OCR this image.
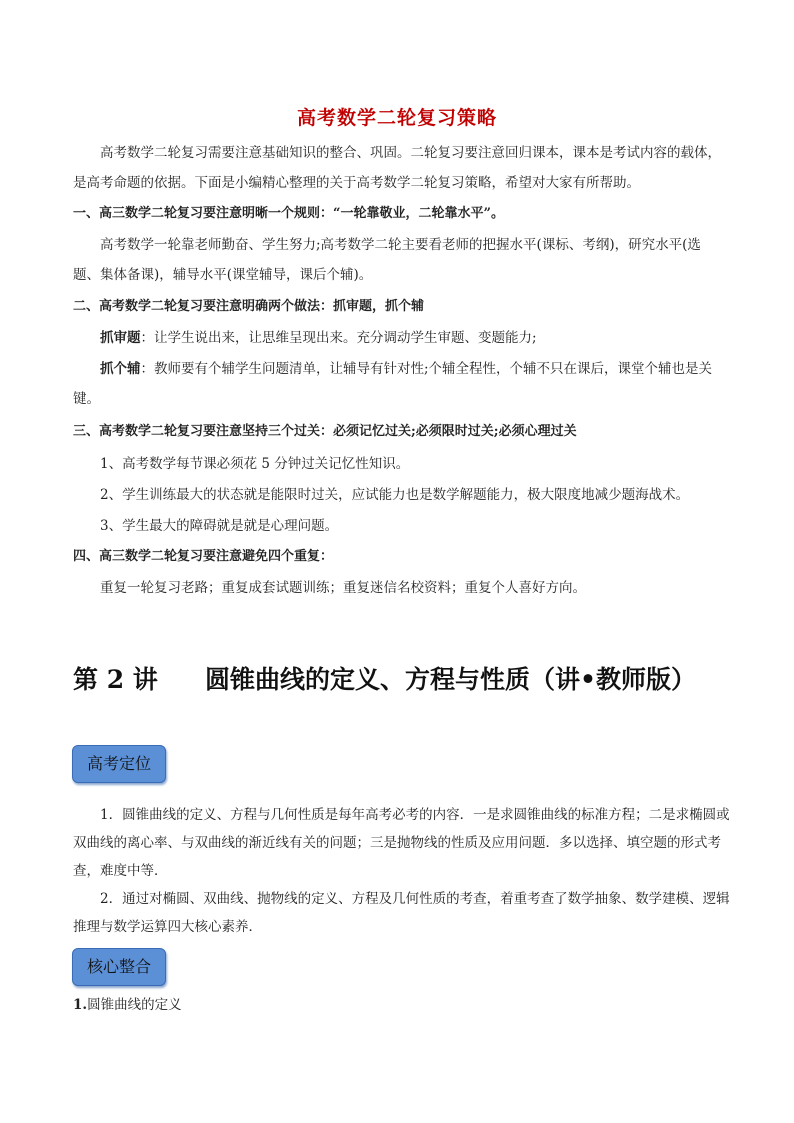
高考数学二轮复习策略

高考数学二轮复习需要注意基础知识的整合、巩固。二轮复习要注意回归课本，课本是考试内容的载体，是高考命题的依据。下面是小编精心整理的关于高考数学二轮复习策略，希望对大家有所帮助。

一、高三数学二轮复习要注意明晰一个规则：“一轮靠敬业，二轮靠水平”。

高考数学一轮靠老师勤奋、学生努力;高考数学二轮主要看老师的把握水平(课标、考纲)，研究水平(选题、集体备课)，辅导水平(课堂辅导，课后个辅)。

二、高考数学二轮复习要注意明确两个做法：抓审题，抓个辅

抓审题：让学生说出来，让思维呈现出来。充分调动学生审题、变题能力;

抓个辅：教师要有个辅学生问题清单，让辅导有针对性;个辅全程性，个辅不只在课后，课堂个辅也是关键。

三、高考数学二轮复习要注意坚持三个过关：必须记忆过关;必须限时过关;必须心理过关

1、高考数学每节课必须花 5 分钟过关记忆性知识。

2、学生训练最大的状态就是能限时过关，应试能力也是数学解题能力，极大限度地减少题海战术。

3、学生最大的障碍就是就是心理问题。

四、高三数学二轮复习要注意避免四个重复：

重复一轮复习老路；重复成套试题训练；重复迷信名校资料；重复个人喜好方向。

第 2 讲 圆锥曲线的定义、方程与性质（讲•教师版）
高考定位

1．圆锥曲线的定义、方程与几何性质是每年高考必考的内容．一是求圆锥曲线的标准方程；二是求椭圆或双曲线的离心率、与双曲线的渐近线有关的问题；三是抛物线的性质及应用问题．多以选择、填空题的形式考查，难度中等．

2．通过对椭圆、双曲线、抛物线的定义、方程及几何性质的考查，着重考查了数学抽象、数学建模、逻辑推理与数学运算四大核心素养．

核心整合

1.圆锥曲线的定义
